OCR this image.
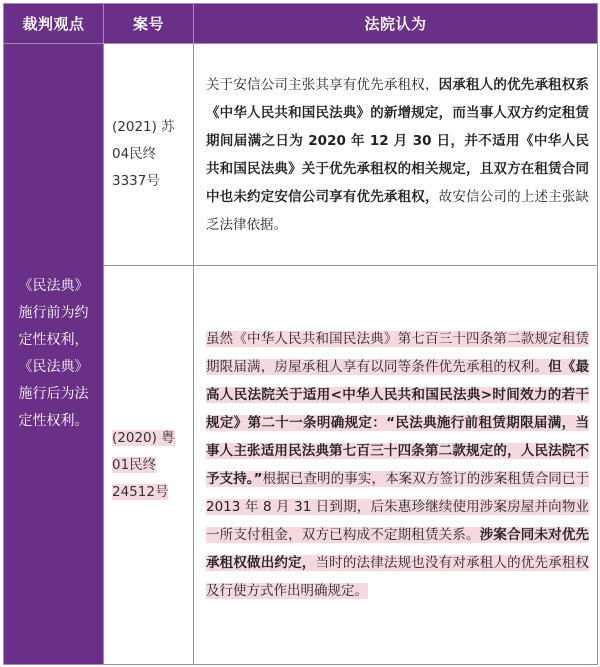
裁判观点	案号	法院认为
《民法典》施行前为约定性权利，《民法典》施行后为法定性权利。	(2021) 苏04民终3337号	关于安信公司主张其享有优先承租权，因承租人的优先承租权系《中华人民共和国民法典》的新增规定，而当事人双方约定租赁期间届满之日为 2020 年 12 月 30 日，并不适用《中华人民共和国民法典》关于优先承租权的相关规定，且双方在租赁合同中也未约定安信公司享有优先承租权，故安信公司的上述主张缺乏法律依据。
	(2020) 粤01民终24512号	虽然《中华人民共和国民法典》第七百三十四条第二款规定租赁期限届满，房屋承租人享有以同等条件优先承租的权利。但《最高人民法院关于适用<中华人民共和国民法典>时间效力的若干规定》第二十一条明确规定：“民法典施行前租赁期限届满，当事人主张适用民法典第七百三十四条第二款规定的，人民法院不予支持。”根据已查明的事实，本案双方签订的涉案租赁合同已于 2013 年 8 月 31 日到期，后朱惠珍继续使用涉案房屋并向物业一所支付租金，双方已构成不定期租赁关系。涉案合同未对优先承租权做出约定，当时的法律法规也没有对承租人的优先承租权及行使方式作出明确规定。
